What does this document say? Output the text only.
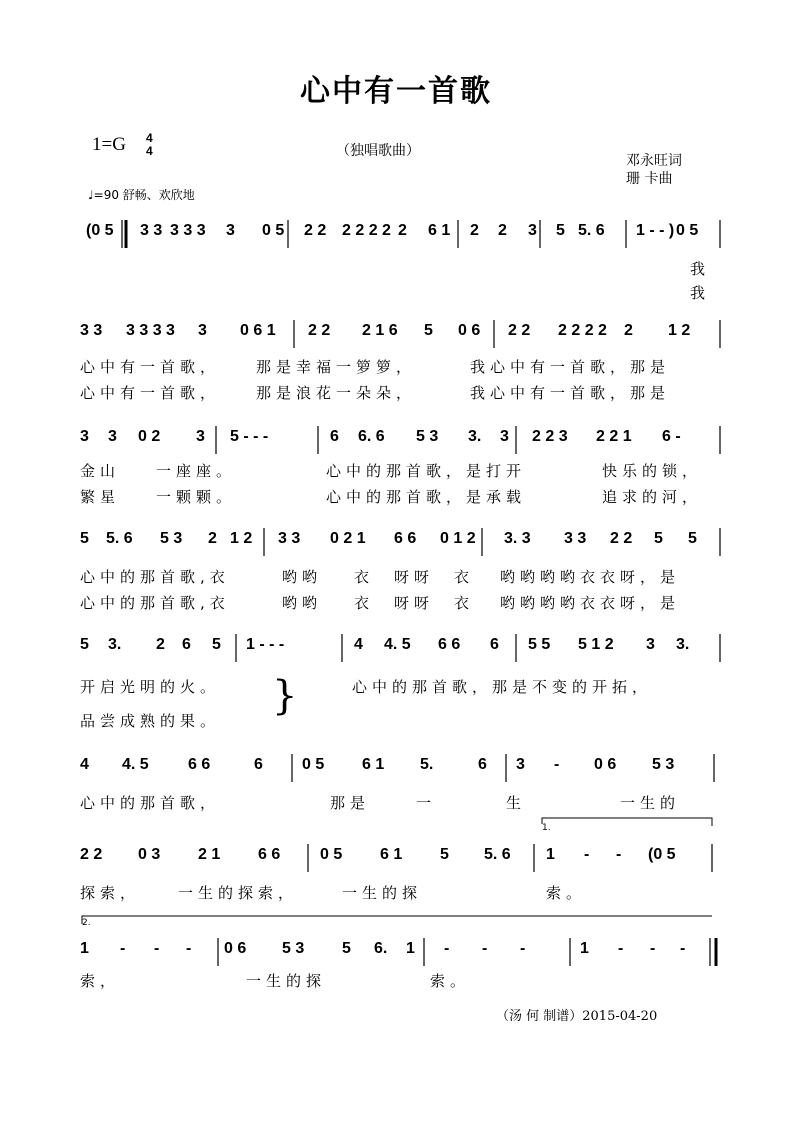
心中有一首歌
1=G 4
4	（独唱歌曲）
邓永旺词
珊 卡曲
♩=90 舒畅、欢欣地
(0 5 3 3 3 3 3 3 0 5 2 2 2 2 2 2 2 6 1 2 2 3 5 5. 6 1 - - ) 0 5
我
我
3 3 3 3 3 3 3 0 6 1 2 2 2 1 6 5 0 6 2 2 2 2 2 2 2 1 2
心中有一首歌， 那是幸福一箩箩，	我心中有一首歌，那是
心中有一首歌， 那是浪花一朵朵，	我心中有一首歌，那是
3 3 0 2 3 5 - - -	6 6. 6 5 3 3. 3 2 2 3 2 2 1 6 -
金山 一座座。	心中的那首歌，是打开	快乐的锁，
繁星 一颗颗。	心中的那首歌，是承载	追求的河，
5 5. 6 5 3 2 1 2 3 3 0 2 1 6 6 0 1 2 3. 3 3 3 2 2 5 5
心中的那首歌,衣	哟哟 衣 呀呀 衣 哟哟哟哟衣衣呀，是
心中的那首歌,衣	哟哟 衣 呀呀 衣 哟哟哟哟衣衣呀，是
5 3. 2 6 5 1 - - -	4 4. 5 6 6 6 5 5 5 1 2 3 3.
开启光明的火。	心中的那首歌，那是不变的开拓，
品尝成熟的果。
4 4. 5 6 6	6 0 5 6 1 5.	6 3 - 0 6 5 3
心中的那首歌，	那是	一	生	一生的
2 2 0 3 2 1 6 6 0 5 6 1 5 5. 6 1 - - (0 5
探索，	一生的探索，	一生的探	索。
1 - - - 0 6 5 3 5 6. 1 - - -	1 - - -
索，	一生的探	索。
1.
2.
（汤 何 制谱）2015-04-20
}
